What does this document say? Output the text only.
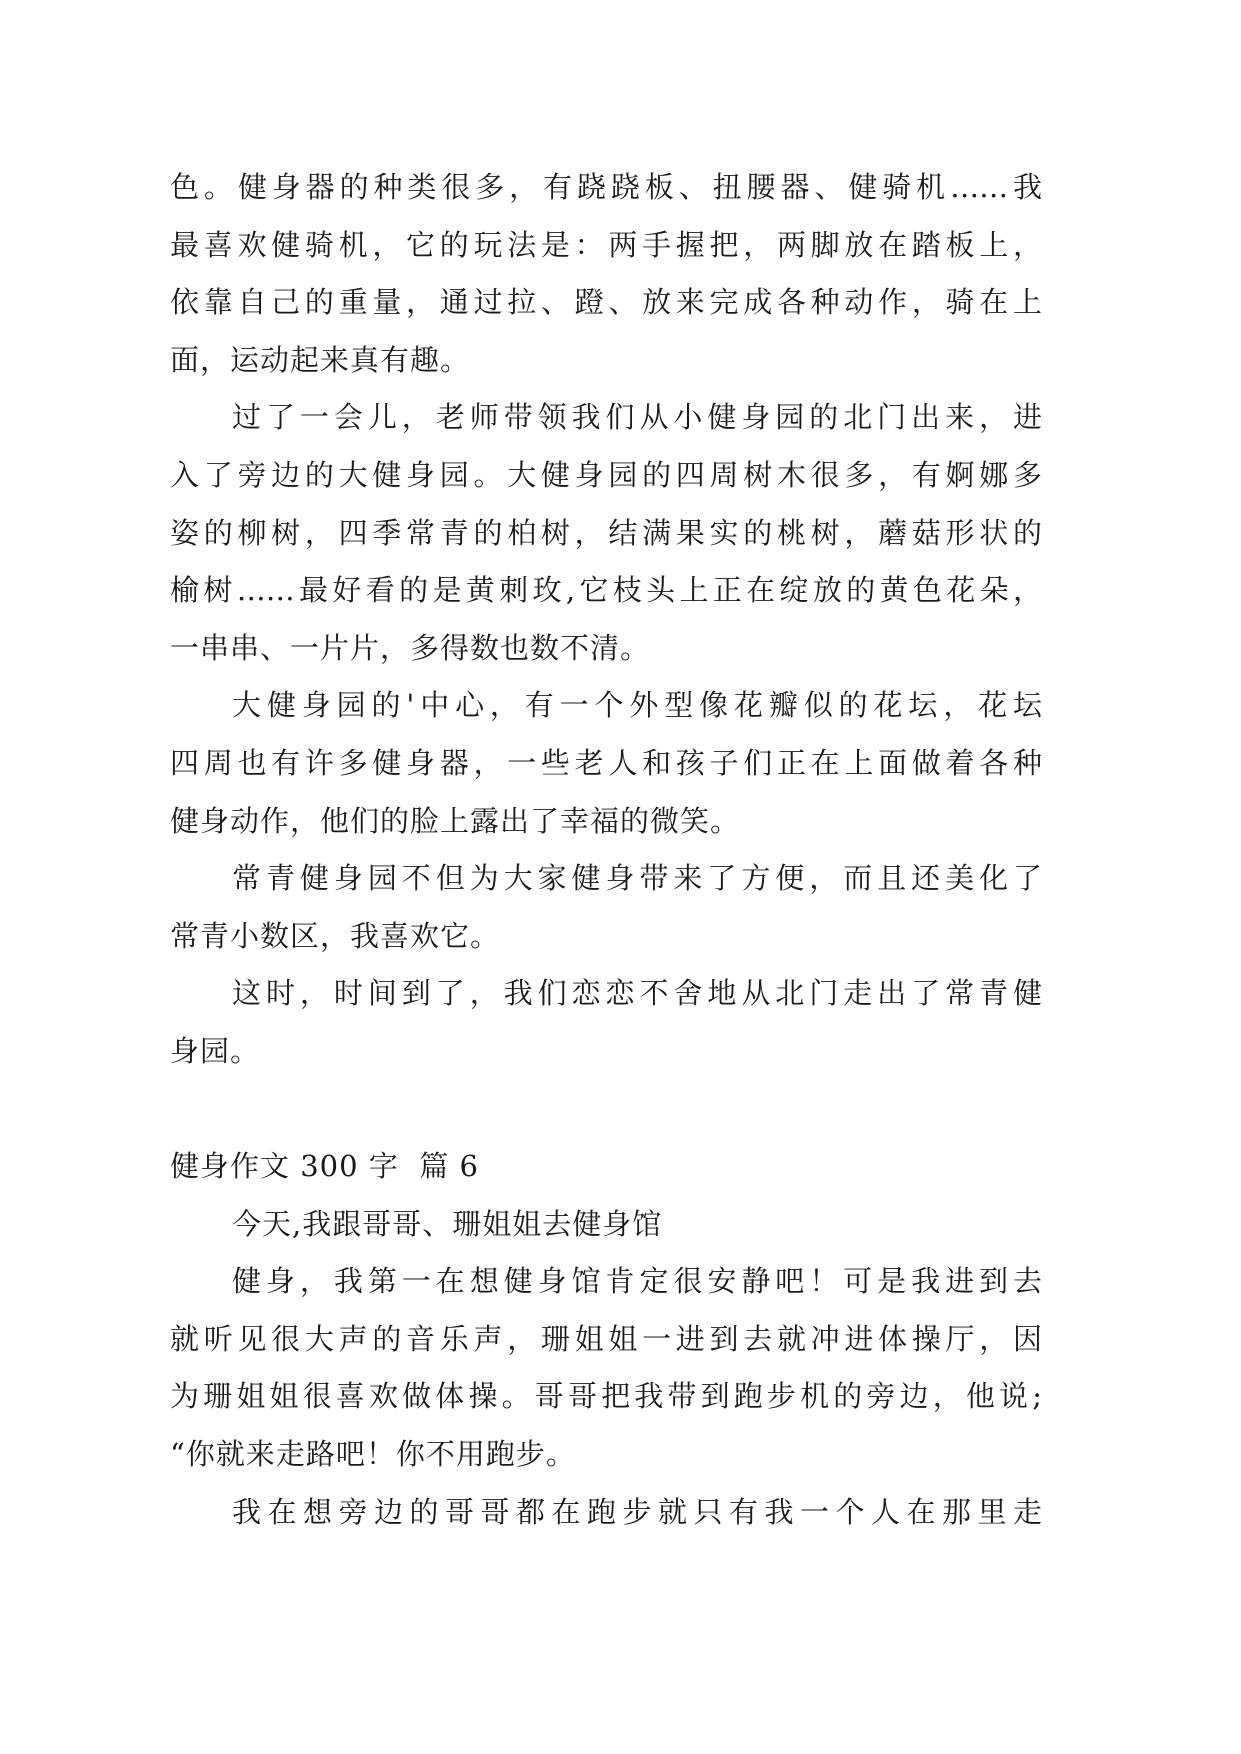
色。健身器的种类很多，有跷跷板、扭腰器、健骑机……我
最喜欢健骑机，它的玩法是：两手握把，两脚放在踏板上，
依靠自己的重量，通过拉、蹬、放来完成各种动作，骑在上
面，运动起来真有趣。
过了一会儿，老师带领我们从小健身园的北门出来，进
入了旁边的大健身园。大健身园的四周树木很多，有婀娜多
姿的柳树，四季常青的柏树，结满果实的桃树，蘑菇形状的
榆树……最好看的是黄刺玫,它枝头上正在绽放的黄色花朵，
一串串、一片片，多得数也数不清。
大健身园的'中心，有一个外型像花瓣似的花坛，花坛
四周也有许多健身器，一些老人和孩子们正在上面做着各种
健身动作，他们的脸上露出了幸福的微笑。
常青健身园不但为大家健身带来了方便，而且还美化了
常青小数区，我喜欢它。
这时，时间到了，我们恋恋不舍地从北门走出了常青健
身园。
健身作文 300 字  篇 6
今天,我跟哥哥、珊姐姐去健身馆
健身，我第一在想健身馆肯定很安静吧！可是我进到去
就听见很大声的音乐声，珊姐姐一进到去就冲进体操厅，因
为珊姐姐很喜欢做体操。哥哥把我带到跑步机的旁边，他说;
“你就来走路吧！你不用跑步。
我在想旁边的哥哥都在跑步就只有我一个人在那里走
